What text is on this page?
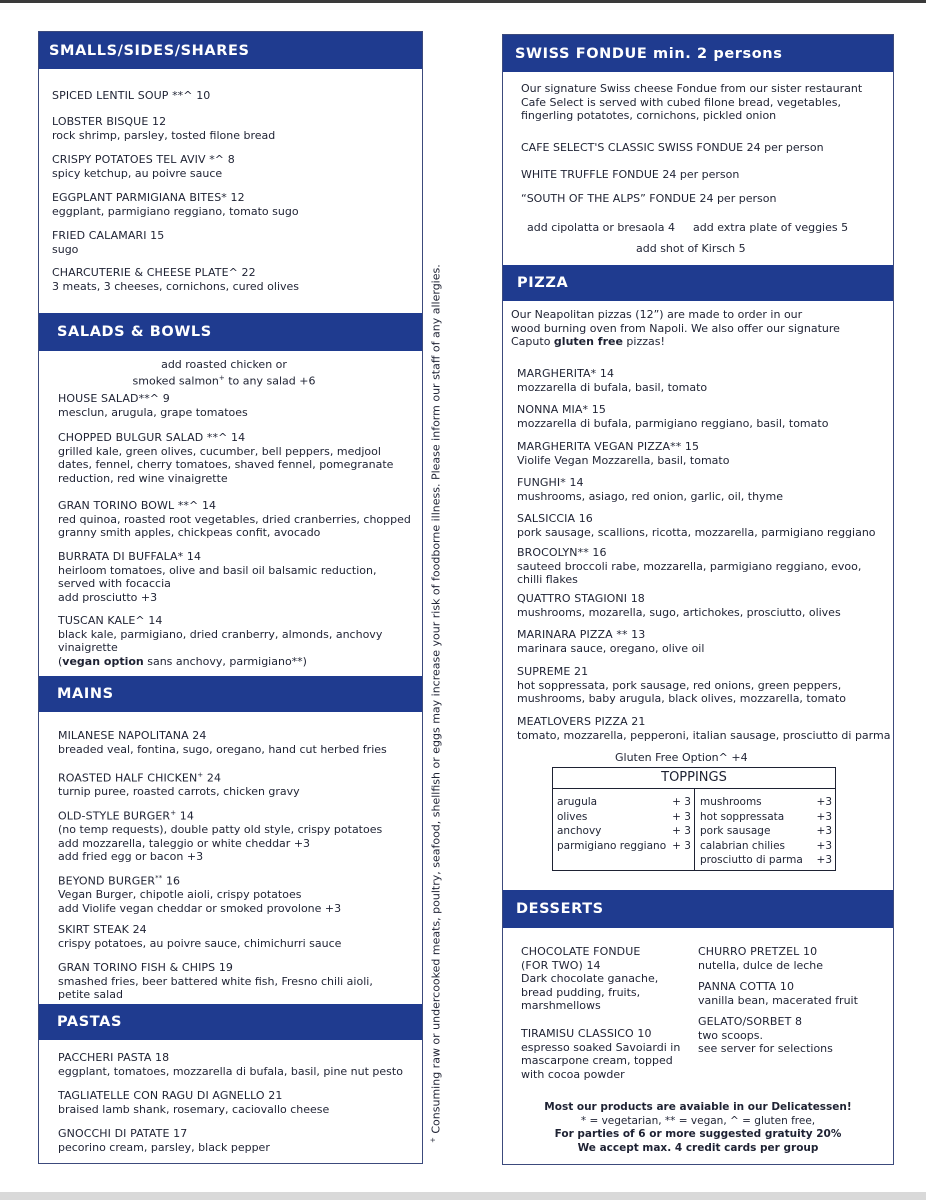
SMALLS/SIDES/SHARES
SPICED LENTIL SOUP **^ 10
LOBSTER BISQUE 12
rock shrimp, parsley, tosted filone bread
CRISPY POTATOES TEL AVIV *^ 8
spicy ketchup, au poivre sauce
EGGPLANT PARMIGIANA BITES* 12
eggplant, parmigiano reggiano, tomato sugo
FRIED CALAMARI 15
sugo
CHARCUTERIE & CHEESE PLATE^ 22
3 meats, 3 cheeses, cornichons, cured olives
SALADS & BOWLS
add roasted chicken or
smoked salmon+ to any salad +6
HOUSE SALAD**^ 9
mesclun, arugula, grape tomatoes
CHOPPED BULGUR SALAD **^ 14
grilled kale, green olives, cucumber, bell peppers, medjool dates, fennel, cherry tomatoes, shaved fennel, pomegranate reduction, red wine vinaigrette
GRAN TORINO BOWL **^ 14
red quinoa, roasted root vegetables, dried cranberries, chopped granny smith apples, chickpeas confit, avocado
BURRATA DI BUFFALA* 14
heirloom tomatoes, olive and basil oil balsamic reduction, served with focaccia
add prosciutto +3
TUSCAN KALE^ 14
black kale, parmigiano, dried cranberry, almonds, anchovy vinaigrette
(vegan option sans anchovy, parmigiano**)
MAINS
MILANESE NAPOLITANA 24
breaded veal, fontina, sugo, oregano, hand cut herbed fries
ROASTED HALF CHICKEN+ 24
turnip puree, roasted carrots, chicken gravy
OLD-STYLE BURGER+ 14
(no temp requests), double patty old style, crispy potatoes
add mozzarella, taleggio or white cheddar +3
add fried egg or bacon +3
BEYOND BURGER** 16
Vegan Burger, chipotle aioli, crispy potatoes
add Violife vegan cheddar or smoked provolone +3
SKIRT STEAK 24
crispy potatoes, au poivre sauce, chimichurri sauce
GRAN TORINO FISH & CHIPS 19
smashed fries, beer battered white fish, Fresno chili aioli, petite salad
PASTAS
PACCHERI PASTA 18
eggplant, tomatoes, mozzarella di bufala, basil, pine nut pesto
TAGLIATELLE CON RAGU DI AGNELLO 21
braised lamb shank, rosemary, caciovallo cheese
GNOCCHI DI PATATE 17
pecorino cream, parsley, black pepper
+ Consuming raw or undercooked meats, poultry, seafood, shellfish or eggs may increase your risk of foodborne illness. Please inform our staff of any allergies.
SWISS FONDUE min. 2 persons
Our signature Swiss cheese Fondue from our sister restaurant Cafe Select is served with cubed filone bread, vegetables, fingerling potatotes, cornichons, pickled onion
CAFE SELECT'S CLASSIC SWISS FONDUE 24 per person
WHITE TRUFFLE FONDUE 24 per person
“SOUTH OF THE ALPS” FONDUE 24 per person
add cipolatta or bresaola 4 add extra plate of veggies 5
add shot of Kirsch 5
PIZZA
Our Neapolitan pizzas (12”) are made to order in our
wood burning oven from Napoli. We also offer our signature
Caputo gluten free pizzas!
MARGHERITA* 14
mozzarella di bufala, basil, tomato
NONNA MIA* 15
mozzarella di bufala, parmigiano reggiano, basil, tomato
MARGHERITA VEGAN PIZZA** 15
Violife Vegan Mozzarella, basil, tomato
FUNGHI* 14
mushrooms, asiago, red onion, garlic, oil, thyme
SALSICCIA 16
pork sausage, scallions, ricotta, mozzarella, parmigiano reggiano
BROCOLYN** 16
sauteed broccoli rabe, mozzarella, parmigiano reggiano, evoo, chilli flakes
QUATTRO STAGIONI 18
mushrooms, mozarella, sugo, artichokes, prosciutto, olives
MARINARA PIZZA ** 13
marinara sauce, oregano, olive oil
SUPREME 21
hot soppressata, pork sausage, red onions, green peppers, mushrooms, baby arugula, black olives, mozzarella, tomato
MEATLOVERS PIZZA 21
tomato, mozzarella, pepperoni, italian sausage, prosciutto di parma
Gluten Free Option^ +4
DESSERTS
CHOCOLATE FONDUE
(FOR TWO) 14
Dark chocolate ganache, bread pudding, fruits, marshmellows
TIRAMISU CLASSICO 10
espresso soaked Savoiardi in mascarpone cream, topped with cocoa powder
CHURRO PRETZEL 10
nutella, dulce de leche
PANNA COTTA 10
vanilla bean, macerated fruit
GELATO/SORBET 8
two scoops.
see server for selections
Most our products are avaiable in our Delicatessen!
* = vegetarian, ** = vegan, ^ = gluten free,
For parties of 6 or more suggested gratuity 20%
We accept max. 4 credit cards per group
TOPPINGS
arugula	+ 3
olives	+ 3
anchovy	+ 3
parmigiano reggiano + 3
mushrooms	+3
hot soppressata	+3
pork sausage	+3
calabrian chilies	+3
prosciutto di parma +3
